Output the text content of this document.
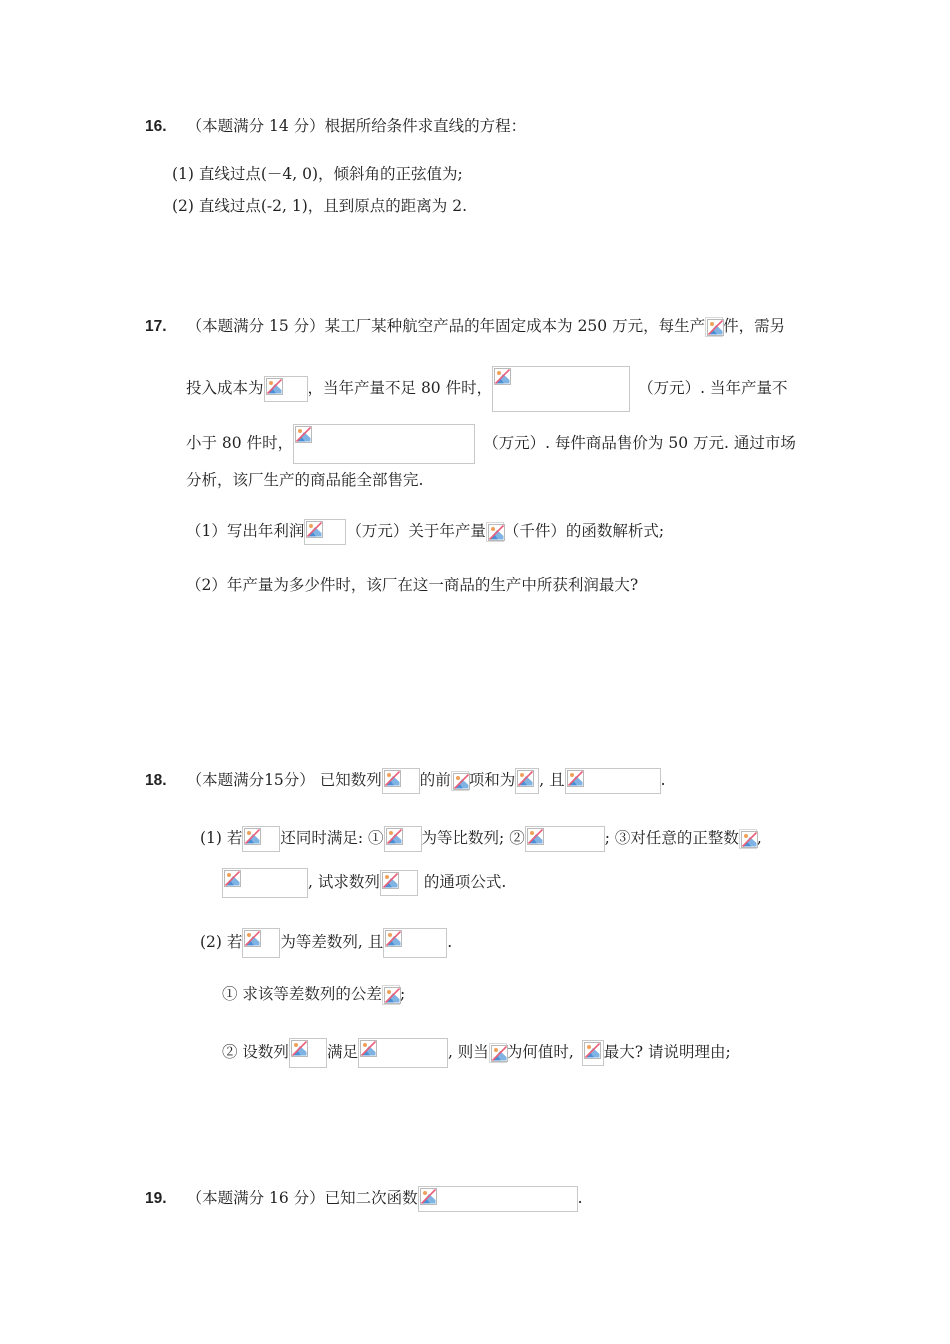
16. （本题满分 14 分）根据所给条件求直线的方程：
(1) 直线过点(－4, 0)，倾斜角的正弦值为;
(2) 直线过点(-2, 1)，且到原点的距离为 2.
17. （本题满分 15 分）某工厂某种航空产品的年固定成本为 250 万元，每生产 件，需另
投入成本为	，当年产量不足 80 件时，	（万元）. 当年产量不
小于 80 件时，	（万元）. 每件商品售价为 50 万元. 通过市场
分析，该厂生产的商品能全部售完.
（1）写出年利润	（万元）关于年产量 （千件）的函数解析式;
（2）年产量为多少件时，该厂在这一商品的生产中所获利润最大?
18. （本题满分15分） 已知数列 的前 项和为 , 且	.
(1) 若 还同时满足: ① 为等比数列; ②	; ③对任意的正整数 ,
, 试求数列	的通项公式.
(2) 若 为等差数列, 且	.
① 求该等差数列的公差 ;
② 设数列 满足	, 则当 为何值时, 最大? 请说明理由;
19. （本题满分 16 分）已知二次函数	.
